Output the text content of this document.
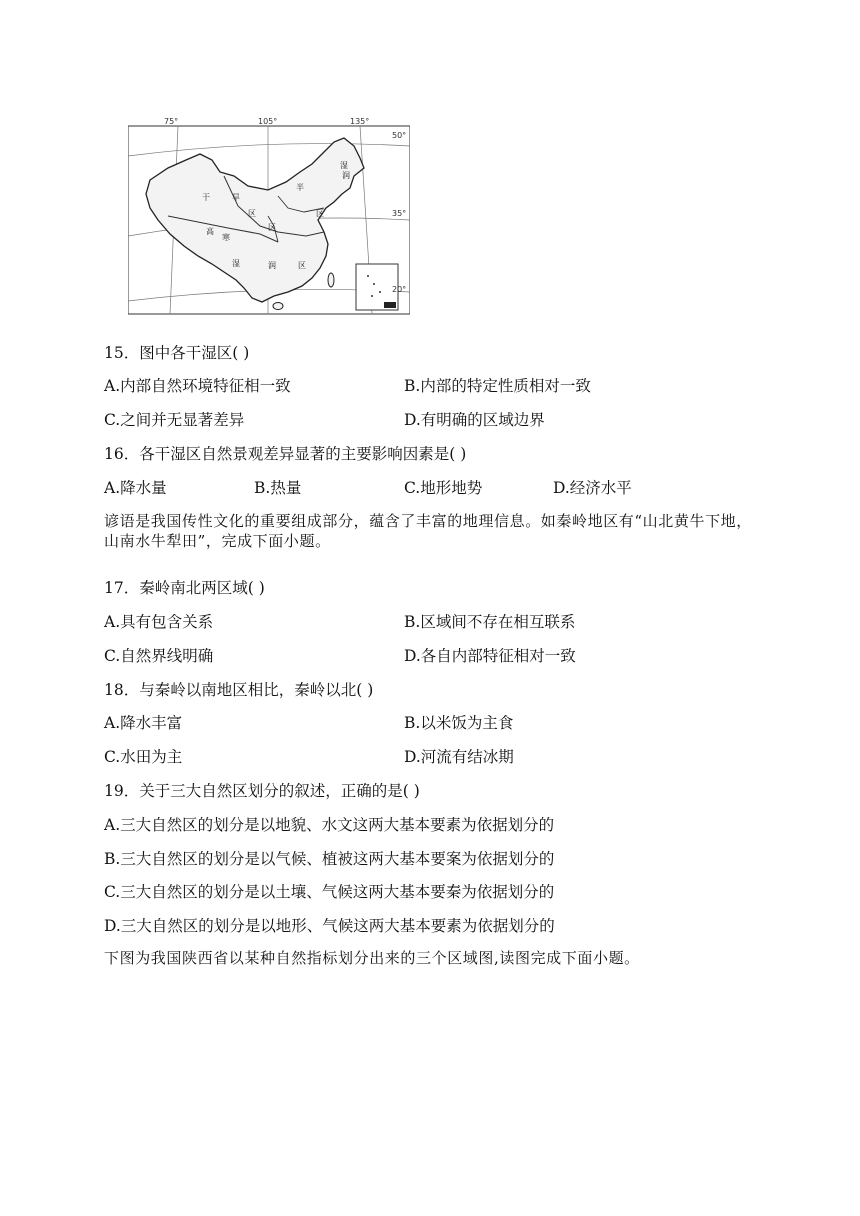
75°	105°	135°
50°
35°
20°
干	旱
区
湿	润	区
半
湿
润
区
高
寒
区
15．图中各干湿区( )
A.内部自然环境特征相一致	B.内部的特定性质相对一致
C.之间并无显著差异	D.有明确的区域边界
16．各干湿区自然景观差异显著的主要影响因素是( )
A.降水量	B.热量	C.地形地势	D.经济水平
谚语是我国传性文化的重要组成部分，蕴含了丰富的地理信息。如秦岭地区有“山北黄牛下地，山南水牛犁田”，完成下面小题。
17．秦岭南北两区域( )
A.具有包含关系	B.区域间不存在相互联系
C.自然界线明确	D.各自内部特征相对一致
18．与秦岭以南地区相比，秦岭以北( )
A.降水丰富	B.以米饭为主食
C.水田为主	D.河流有结冰期
19．关于三大自然区划分的叙述，正确的是( )
A.三大自然区的划分是以地貌、水文这两大基本要素为依据划分的
B.三大自然区的划分是以气候、植被这两大基本要案为依据划分的
C.三大自然区的划分是以土壤、气候这两大基本要秦为依据划分的
D.三大自然区的划分是以地形、气候这两大基本要素为依据划分的
下图为我国陕西省以某种自然指标划分出来的三个区域图,读图完成下面小题。
